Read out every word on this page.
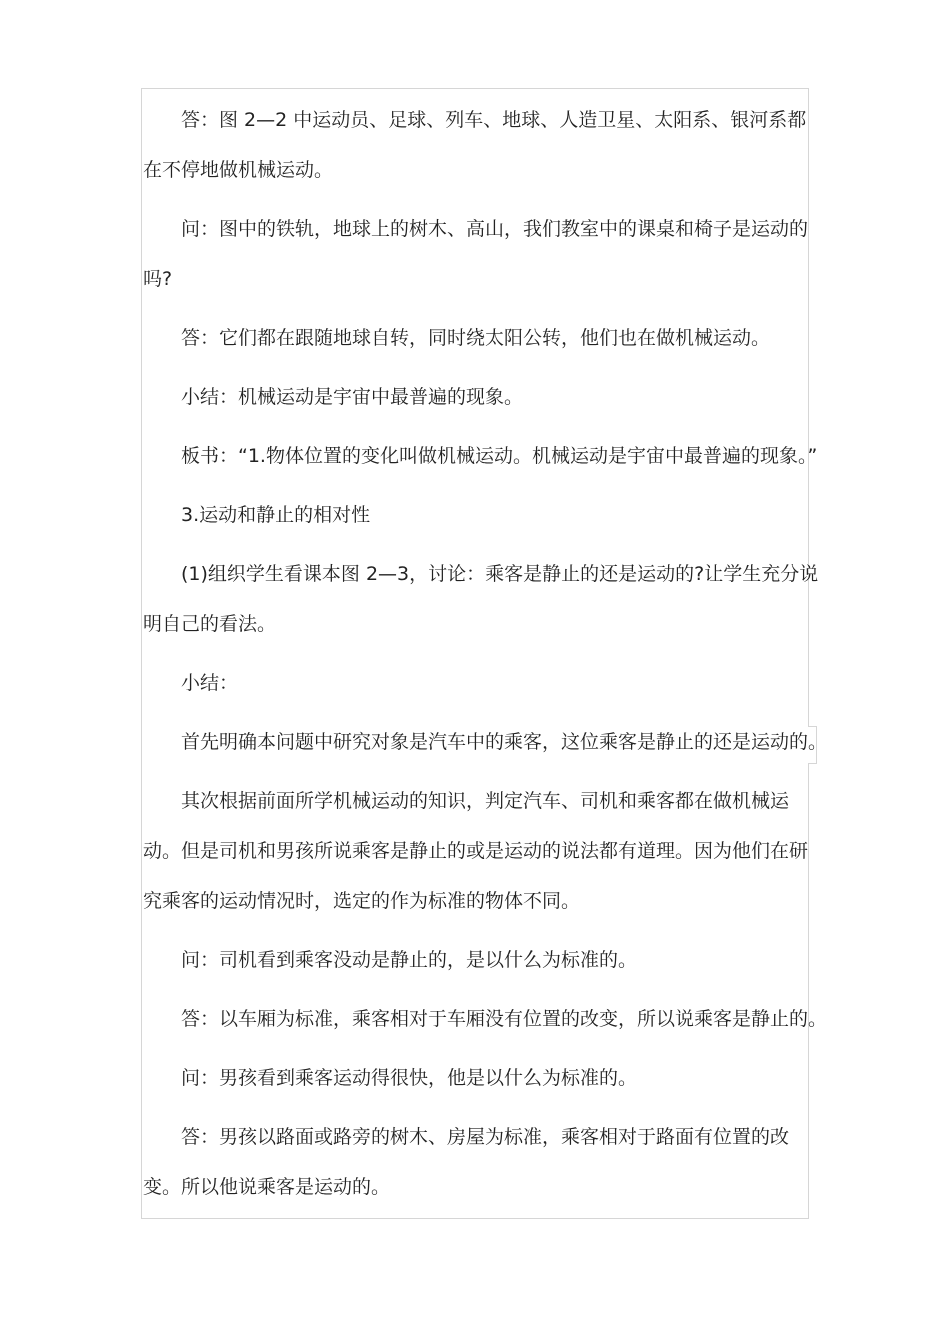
答：图 2—2 中运动员、足球、列车、地球、人造卫星、太阳系、银河系都在不停地做机械运动。

问：图中的铁轨，地球上的树木、高山，我们教室中的课桌和椅子是运动的吗?

答：它们都在跟随地球自转，同时绕太阳公转，他们也在做机械运动。

小结：机械运动是宇宙中最普遍的现象。

板书：“1.物体位置的变化叫做机械运动。机械运动是宇宙中最普遍的现象。”

3.运动和静止的相对性

(1)组织学生看课本图 2—3，讨论：乘客是静止的还是运动的?让学生充分说明自己的看法。

小结：

首先明确本问题中研究对象是汽车中的乘客，这位乘客是静止的还是运动的。

其次根据前面所学机械运动的知识，判定汽车、司机和乘客都在做机械运动。但是司机和男孩所说乘客是静止的或是运动的说法都有道理。因为他们在研究乘客的运动情况时，选定的作为标准的物体不同。

问：司机看到乘客没动是静止的，是以什么为标准的。

答：以车厢为标准，乘客相对于车厢没有位置的改变，所以说乘客是静止的。

问：男孩看到乘客运动得很快，他是以什么为标准的。

答：男孩以路面或路旁的树木、房屋为标准，乘客相对于路面有位置的改变。所以他说乘客是运动的。
